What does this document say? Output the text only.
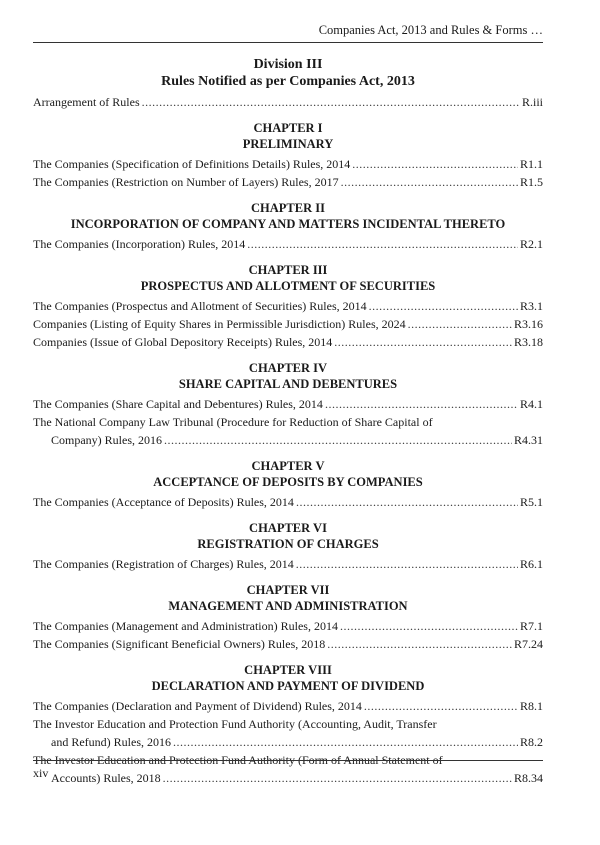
Companies Act, 2013 and Rules & Forms …
Division III
Rules Notified as per Companies Act, 2013
Arrangement of Rules .....	R.iii
CHAPTER I
PRELIMINARY
The Companies (Specification of Definitions Details) Rules, 2014 .....	R1.1
The Companies (Restriction on Number of Layers) Rules, 2017 .....	R1.5
CHAPTER II
INCORPORATION OF COMPANY AND MATTERS INCIDENTAL THERETO
The Companies (Incorporation) Rules, 2014 .....	R2.1
CHAPTER III
PROSPECTUS AND ALLOTMENT OF SECURITIES
The Companies (Prospectus and Allotment of Securities) Rules, 2014 .....	R3.1
Companies (Listing of Equity Shares in Permissible Jurisdiction) Rules, 2024 .....	R3.16
Companies (Issue of Global Depository Receipts) Rules, 2014 .....	R3.18
CHAPTER IV
SHARE CAPITAL AND DEBENTURES
The Companies (Share Capital and Debentures) Rules, 2014 .....	R4.1
The National Company Law Tribunal (Procedure for Reduction of Share Capital of
Company) Rules, 2016 .....	R4.31
CHAPTER V
ACCEPTANCE OF DEPOSITS BY COMPANIES
The Companies (Acceptance of Deposits) Rules, 2014 .....	R5.1
CHAPTER VI
REGISTRATION OF CHARGES
The Companies (Registration of Charges) Rules, 2014 .....	R6.1
CHAPTER VII
MANAGEMENT AND ADMINISTRATION
The Companies (Management and Administration) Rules, 2014 .....	R7.1
The Companies (Significant Beneficial Owners) Rules, 2018 .....	R7.24
CHAPTER VIII
DECLARATION AND PAYMENT OF DIVIDEND
The Companies (Declaration and Payment of Dividend) Rules, 2014 .....	R8.1
The Investor Education and Protection Fund Authority (Accounting, Audit, Transfer
and Refund) Rules, 2016 .....	R8.2
The Investor Education and Protection Fund Authority (Form of Annual Statement of
Accounts) Rules, 2018 .....	R8.34
xiv
